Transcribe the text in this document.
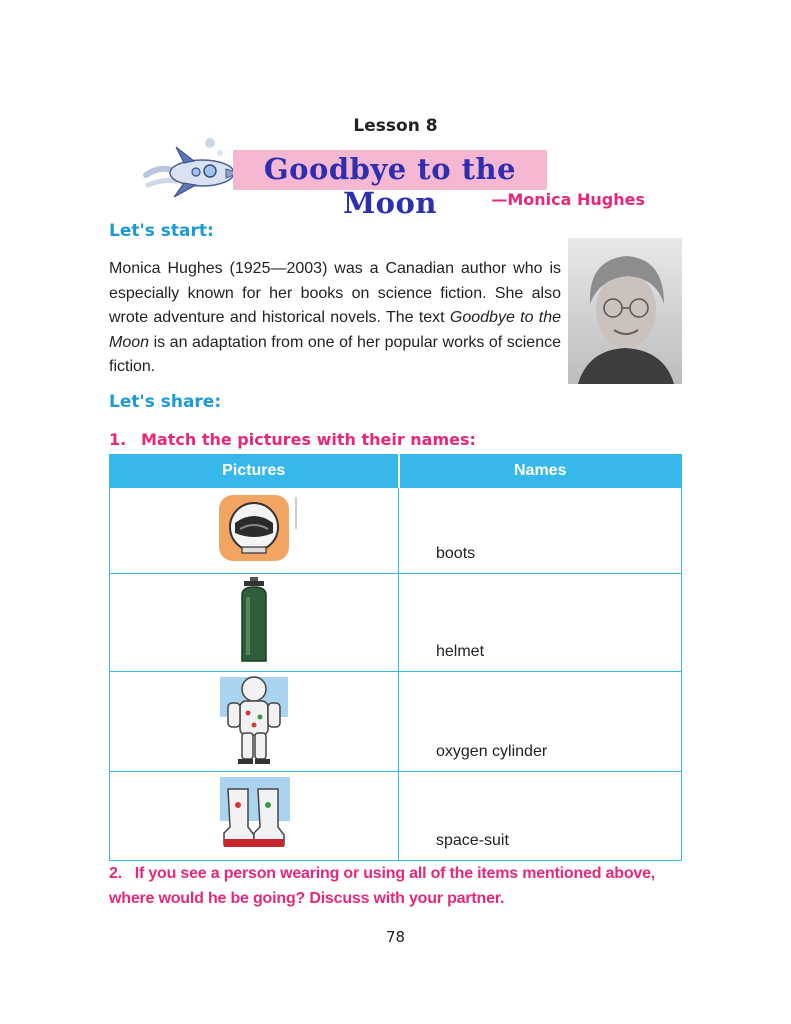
Lesson 8
Goodbye to the Moon	—Monica Hughes
Let's start:
Monica Hughes (1925—2003) was a Canadian author who is especially known for her books on science fiction. She also wrote adventure and historical novels. The text Goodbye to the Moon is an adaptation from one of her popular works of science fiction.
Let's share:
1. Match the pictures with their names:
Pictures	Names
	boots
	helmet
	oxygen cylinder
	space-suit
2. If you see a person wearing or using all of the items mentioned above, where would he be going? Discuss with your partner.
78
